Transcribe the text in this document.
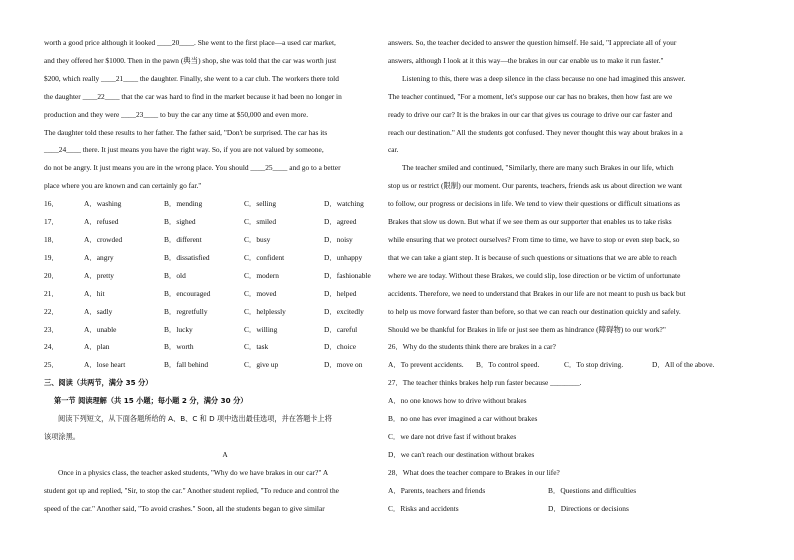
worth a good price although it looked ____20____. She went to the first place—a used car market,

and they offered her $1000. Then in the pawn (典当) shop, she was told that the car was worth just

$200, which really ____21____ the daughter. Finally, she went to a car club. The workers there told

the daughter ____22____ that the car was hard to find in the market because it had been no longer in

production and they were ____23____ to buy the car any time at $50,000 and even more.

The daughter told these results to her father. The father said, "Don't be surprised. The car has its

____24____ there. It just means you have the right way. So, if you are not valued by someone,

do not be angry. It just means you are in the wrong place. You should ____25____ and go to a better

place where you are known and can certainly go far."

16．	A．washing	B．mending	C．selling	D．watching
17．	A．refused	B．sighed	C．smiled	D．agreed
18．	A．crowded	B．different	C．busy	D．noisy
19．	A．angry	B．dissatisfied	C．confident	D．unhappy
20．	A．pretty	B．old	C．modern	D．fashionable
21．	A．hit	B．encouraged	C．moved	D．helped
22．	A．sadly	B．regretfully	C．helplessly	D．excitedly
23．	A．unable	B．lucky	C．willing	D．careful
24．	A．plan	B．worth	C．task	D．choice
25．	A．lose heart	B．fall behind	C．give up	D．move on

三、阅读（共两节，满分 35 分）

第一节 阅读理解（共 15 小题；每小题 2 分，满分 30 分）

阅读下列短文，从下面各题所给的 A、B、C 和 D 项中选出最佳选项，并在答题卡上将

该项涂黑。

A

Once in a physics class, the teacher asked students, "Why do we have brakes in our car?" A

student got up and replied, "Sir, to stop the car." Another student replied, "To reduce and control the

speed of the car." Another said, "To avoid crashes." Soon, all the students began to give similar

answers. So, the teacher decided to answer the question himself. He said, "I appreciate all of your

answers, although I look at it this way—the brakes in our car enable us to make it run faster."

Listening to this, there was a deep silence in the class because no one had imagined this answer.

The teacher continued, "For a moment, let's suppose our car has no brakes, then how fast are we

ready to drive our car? It is the brakes in our car that gives us courage to drive our car faster and

reach our destination." All the students got confused. They never thought this way about brakes in a

car.

The teacher smiled and continued, "Similarly, there are many such Brakes in our life, which

stop us or restrict (限制) our moment. Our parents, teachers, friends ask us about direction we want

to follow, our progress or decisions in life. We tend to view their questions or difficult situations as

Brakes that slow us down. But what if we see them as our supporter that enables us to take risks

while ensuring that we protect ourselves? From time to time, we have to stop or even step back, so

that we can take a giant step. It is because of such questions or situations that we are able to reach

where we are today. Without these Brakes, we could slip, lose direction or be victim of unfortunate

accidents. Therefore, we need to understand that Brakes in our life are not meant to push us back but

to help us move forward faster than before, so that we can reach our destination quickly and safely.

Should we be thankful for Brakes in life or just see them as hindrance (障碍物) to our work?"

26．Why do the students think there are brakes in a car?

A．To prevent accidents.	B．To control speed.	C．To stop driving.	D．All of the above.

27．The teacher thinks brakes help run faster because ________.

A．no one knows how to drive without brakes

B．no one has ever imagined a car without brakes

C．we dare not drive fast if without brakes

D．we can't reach our destination without brakes

28．What does the teacher compare to Brakes in our life?

A．Parents, teachers and friends	B．Questions and difficulties
C．Risks and accidents	D．Directions or decisions
